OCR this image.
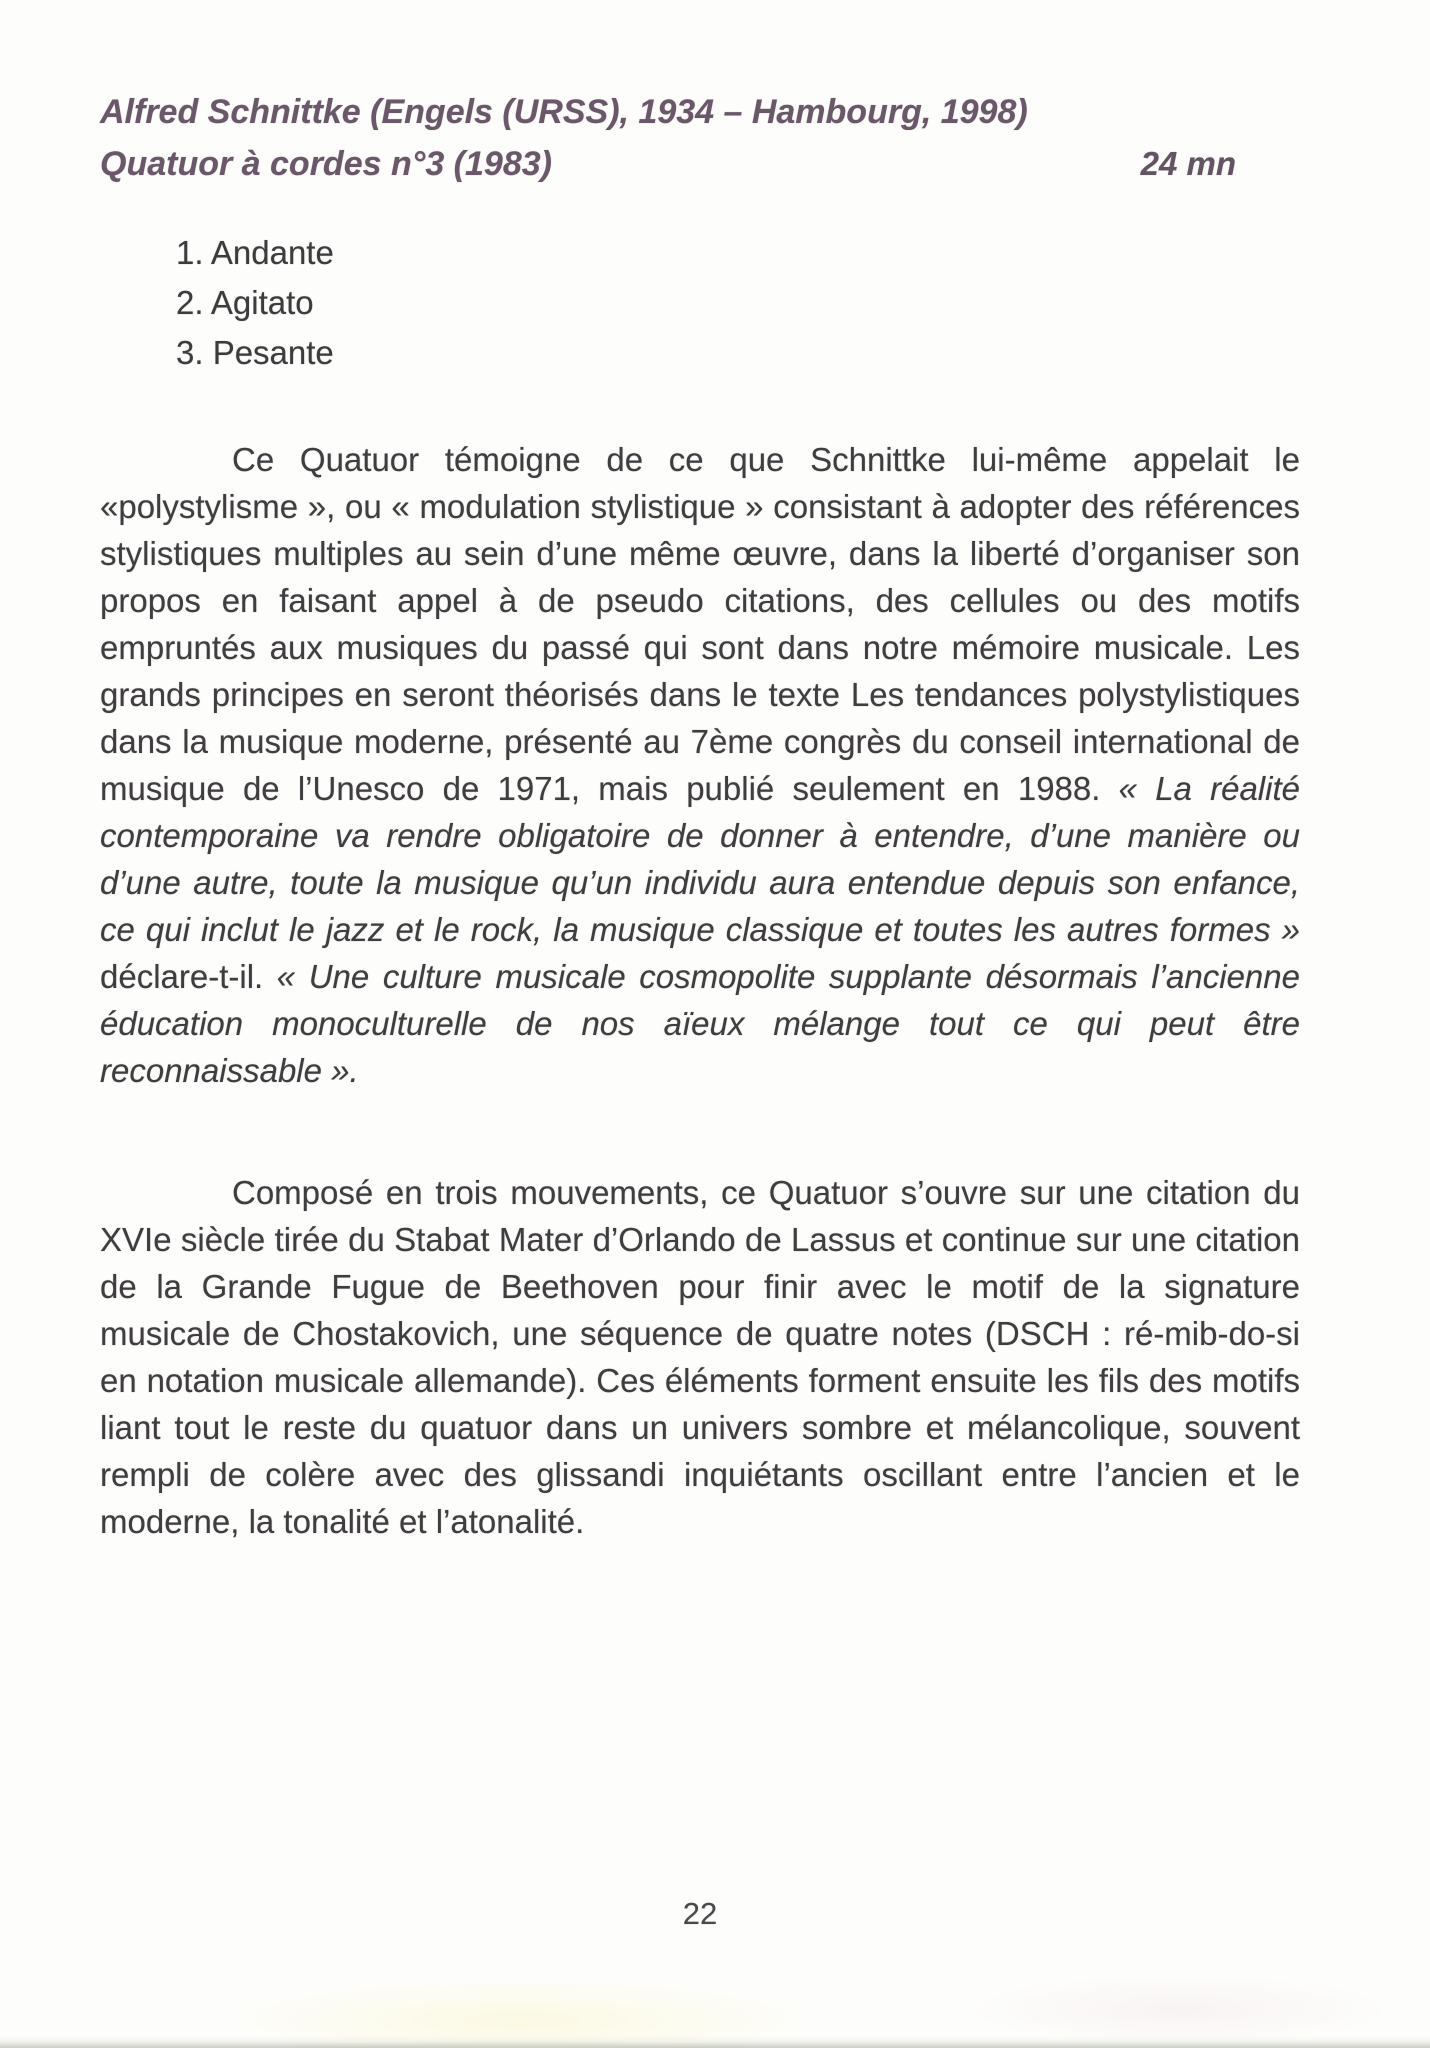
Alfred Schnittke (Engels (URSS), 1934 – Hambourg, 1998)
Quatuor à cordes n°3 (1983)	24 mn
1. Andante
2. Agitato
3. Pesante

Ce Quatuor témoigne de ce que Schnittke lui-même appelait le «polystylisme », ou « modulation stylistique » consistant à adopter des références stylistiques multiples au sein d’une même œuvre, dans la liberté d’organiser son propos en faisant appel à de pseudo citations, des cellules ou des motifs empruntés aux musiques du passé qui sont dans notre mémoire musicale. Les grands principes en seront théorisés dans le texte Les tendances polystylistiques dans la musique moderne, présenté au 7ème congrès du conseil international de musique de l’Unesco de 1971, mais publié seulement en 1988. « La réalité contemporaine va rendre obligatoire de donner à entendre, d’une manière ou d’une autre, toute la musique qu’un individu aura entendue depuis son enfance, ce qui inclut le jazz et le rock, la musique classique et toutes les autres formes » déclare-t-il. « Une culture musicale cosmopolite supplante désormais l’ancienne éducation monoculturelle de nos aïeux mélange tout ce qui peut être reconnaissable ».

Composé en trois mouvements, ce Quatuor s’ouvre sur une citation du XVIe siècle tirée du Stabat Mater d’Orlando de Lassus et continue sur une citation de la Grande Fugue de Beethoven pour finir avec le motif de la signature musicale de Chostakovich, une séquence de quatre notes (DSCH : ré-mib-do-si en notation musicale allemande). Ces éléments forment ensuite les fils des motifs liant tout le reste du quatuor dans un univers sombre et mélancolique, souvent rempli de colère avec des glissandi inquiétants oscillant entre l’ancien et le moderne, la tonalité et l’atonalité.

22
